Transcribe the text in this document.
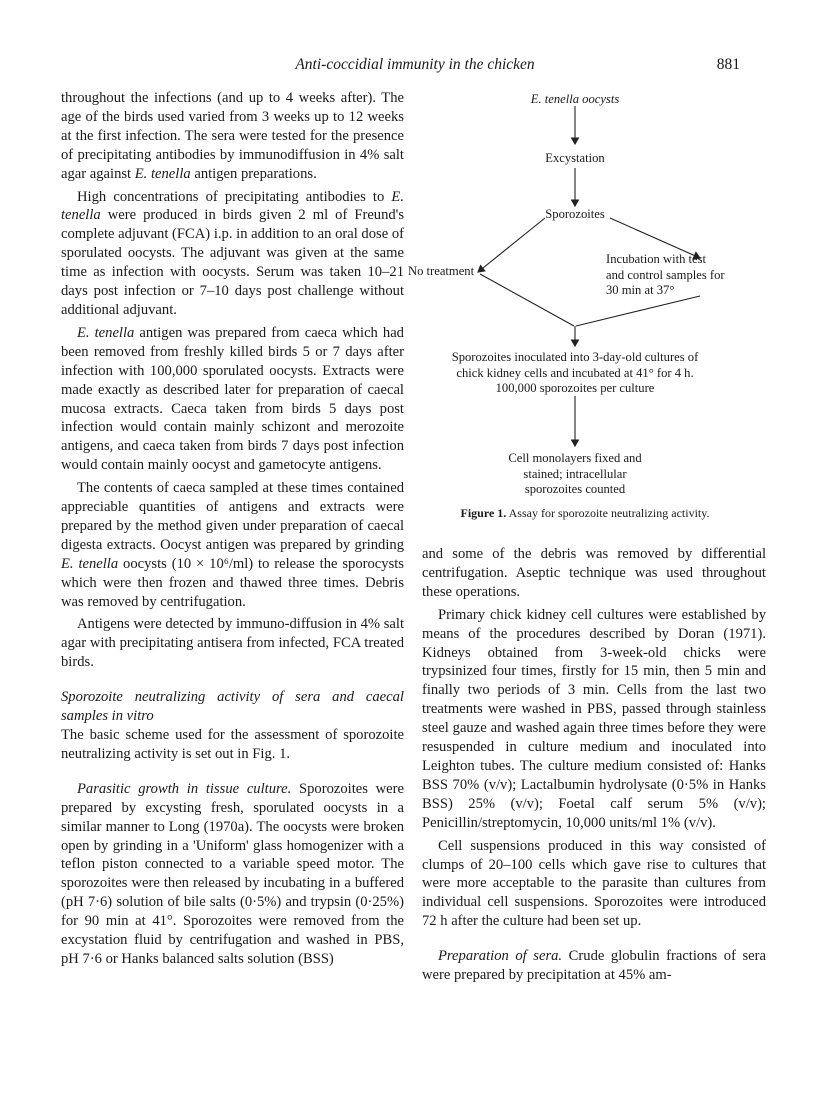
Anti-coccidial immunity in the chicken	881

throughout the infections (and up to 4 weeks after). The age of the birds used varied from 3 weeks up to 12 weeks at the first infection. The sera were tested for the presence of precipitating antibodies by immunodiffusion in 4% salt agar against E. tenella antigen preparations.

High concentrations of precipitating antibodies to E. tenella were produced in birds given 2 ml of Freund's complete adjuvant (FCA) i.p. in addition to an oral dose of sporulated oocysts. The adjuvant was given at the same time as infection with oocysts. Serum was taken 10–21 days post infection or 7–10 days post challenge without additional adjuvant.

E. tenella antigen was prepared from caeca which had been removed from freshly killed birds 5 or 7 days after infection with 100,000 sporulated oocysts. Extracts were made exactly as described later for preparation of caecal mucosa extracts. Caeca taken from birds 5 days post infection would contain mainly schizont and merozoite antigens, and caeca taken from birds 7 days post infection would contain mainly oocyst and gametocyte antigens.

The contents of caeca sampled at these times contained appreciable quantities of antigens and extracts were prepared by the method given under preparation of caecal digesta extracts. Oocyst antigen was prepared by grinding E. tenella oocysts (10 × 10⁶/ml) to release the sporocysts which were then frozen and thawed three times. Debris was removed by centrifugation.

Antigens were detected by immuno-diffusion in 4% salt agar with precipitating antisera from infected, FCA treated birds.

Sporozoite neutralizing activity of sera and caecal samples in vitro

The basic scheme used for the assessment of sporozoite neutralizing activity is set out in Fig. 1.

Parasitic growth in tissue culture. Sporozoites were prepared by excysting fresh, sporulated oocysts in a similar manner to Long (1970a). The oocysts were broken open by grinding in a 'Uniform' glass homogenizer with a teflon piston connected to a variable speed motor. The sporozoites were then released by incubating in a buffered (pH 7·6) solution of bile salts (0·5%) and trypsin (0·25%) for 90 min at 41°. Sporozoites were removed from the excystation fluid by centrifugation and washed in PBS, pH 7·6 or Hanks balanced salts solution (BSS)

and some of the debris was removed by differential centrifugation. Aseptic technique was used throughout these operations.

Primary chick kidney cell cultures were established by means of the procedures described by Doran (1971). Kidneys obtained from 3-week-old chicks were trypsinized four times, firstly for 15 min, then 5 min and finally two periods of 3 min. Cells from the last two treatments were washed in PBS, passed through stainless steel gauze and washed again three times before they were resuspended in culture medium and inoculated into Leighton tubes. The culture medium consisted of: Hanks BSS 70% (v/v); Lactalbumin hydrolysate (0·5% in Hanks BSS) 25% (v/v); Foetal calf serum 5% (v/v); Penicillin/streptomycin, 10,000 units/ml 1% (v/v).

Cell suspensions produced in this way consisted of clumps of 20–100 cells which gave rise to cultures that were more acceptable to the parasite than cultures from individual cell suspensions. Sporozoites were introduced 72 h after the culture had been set up.

Preparation of sera. Crude globulin fractions of sera were prepared by precipitation at 45% am-

E. tenella oocysts
Excystation
Sporozoites
No treatment
Incubation with test
and control samples for
30 min at 37°
Sporozoites inoculated into 3-day-old cultures of
chick kidney cells and incubated at 41° for 4 h.
100,000 sporozoites per culture
Cell monolayers fixed and
stained; intracellular
sporozoites counted
Figure 1. Assay for sporozoite neutralizing activity.
